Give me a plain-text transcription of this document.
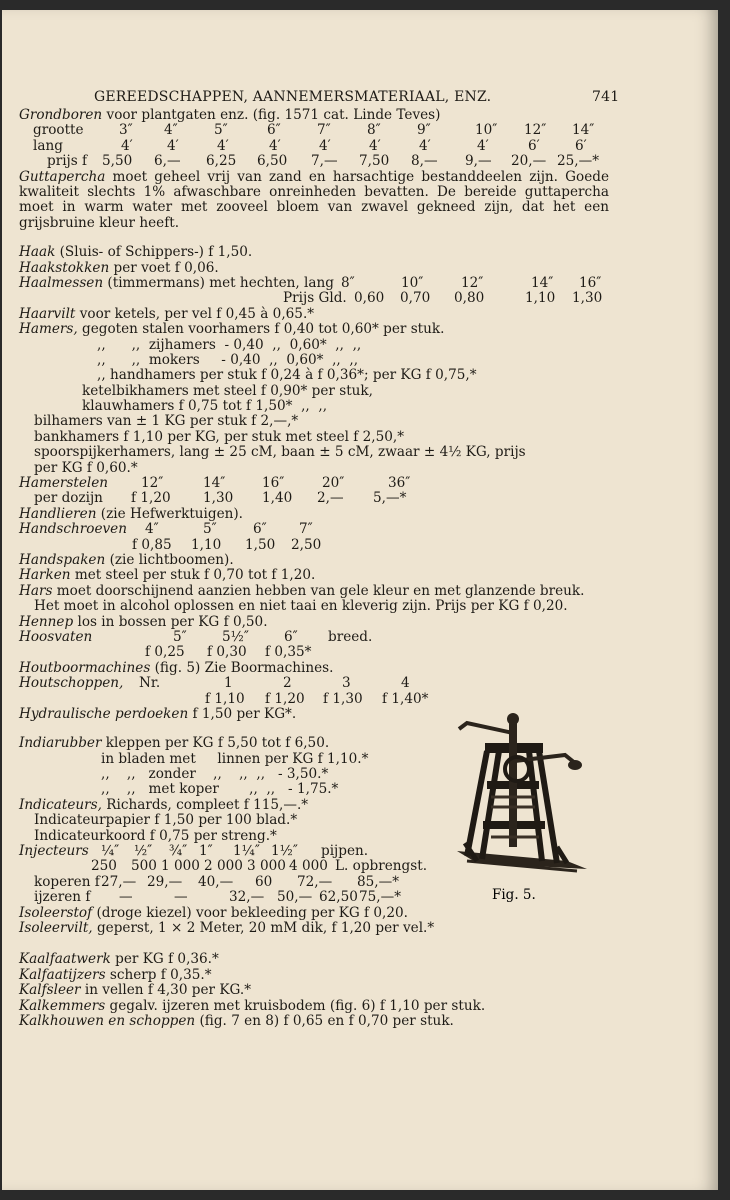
GEREEDSCHAPPEN, AANNEMERSMATERIAAL, ENZ.	741
Grondboren voor plantgaten enz. (fig. 1571 cat. Linde Teves)
grootte	3″ 4″	5″	6″	7″	8″	9″	10″ 12″ 14″
lang	4′	4′	4′	4′	4′	4′	4′	4′	6′	6′
prijs f 5,50 6,— 6,25 6,50 7,— 7,50 8,— 9,— 20,— 25,—*

Guttapercha moet geheel vrij van zand en harsachtige bestanddeelen zijn. Goede kwaliteit slechts 1% afwaschbare onreinheden bevatten. De bereide guttapercha moet in warm water met zooveel bloem van zwavel gekneed zijn, dat het een grijsbruine kleur heeft.

Haak (Sluis- of Schippers-) f 1,50.
Haakstokken per voet f 0,06.
Haalmessen (timmermans) met hechten, lang 8″	10″	12″	14″ 16″
Prijs Gld. 0,60 0,70 0,80	1,10 1,30
Haarvilt voor ketels, per vel f 0,45 à 0,65.*
Hamers, gegoten stalen voorhamers f 0,40 tot 0,60* per stuk.
,,      ,,  zijhamers  - 0,40  ,,  0,60*  ,,  ,,
,,      ,,  mokers     - 0,40  ,,  0,60*  ,,  ,,
,, handhamers per stuk f 0,24 à f 0,36*; per KG f 0,75,*
ketelbikhamers met steel f 0,90* per stuk,
klauwhamers f 0,75 tot f 1,50*  ,,  ,,
bilhamers van ± 1 KG per stuk f 2,—,*
bankhamers f 1,10 per KG, per stuk met steel f 2,50,*
spoorspijkerhamers, lang ± 25 cM, baan ± 5 cM, zwaar ± 4½ KG, prijs
per KG f 0,60.*
Hamerstelen 12″	14″	16″	20″	36″
per dozijn f 1,20 1,30 1,40 2,— 5,—*
Handlieren (zie Hefwerktuigen).
Handschroeven 4″	5″	6″ 7″
f 0,85 1,10 1,50 2,50
Handspaken (zie lichtboomen).
Harken met steel per stuk f 0,70 tot f 1,20.
Hars moet doorschijnend aanzien hebben van gele kleur en met glanzende breuk.
Het moet in alcohol oplossen en niet taai en kleverig zijn. Prijs per KG f 0,20.
Hennep los in bossen per KG f 0,50.
Hoosvaten	5″	5½″	6″ breed.
f 0,25 f 0,30 f 0,35*
Houtboormachines (fig. 5) Zie Boormachines.
Houtschoppen, Nr.	1	2	3	4
f 1,10 f 1,20 f 1,30 f 1,40*
Hydraulische perdoeken f 1,50 per KG*.
Indiarubber kleppen per KG f 5,50 tot f 6,50.
in bladen met     linnen per KG f 1,10.*
,,    ,,   zonder    ,,    ,,  ,,   - 3,50.*
,,    ,,   met koper       ,,  ,,   - 1,75.*
Indicateurs, Richards, compleet f 115,—.*
Indicateurpapier f 1,50 per 100 blad.*
Indicateurkoord f 0,75 per streng.*
Injecteurs ¼″ ½″ ¾″ 1″ 1¼″ 1½″ pijpen.
250 500 1 000 2 000 3 000 4 000 L. opbrengst.
koperen f 27,— 29,— 40,— 60 72,— 85,—*
ijzeren f —	—	32,— 50,— 62,50 75,—*
Isoleerstof (droge kiezel) voor bekleeding per KG f 0,20.
Isoleervilt, geperst, 1 × 2 Meter, 20 mM dik, f 1,20 per vel.*
Kaalfaatwerk per KG f 0,36.*
Kalfaatijzers scherp f 0,35.*
Kalfsleer in vellen f 4,30 per KG.*
Kalkemmers gegalv. ijzeren met kruisbodem (fig. 6) f 1,10 per stuk.
Kalkhouwen en schoppen (fig. 7 en 8) f 0,65 en f 0,70 per stuk.
Fig. 5.
